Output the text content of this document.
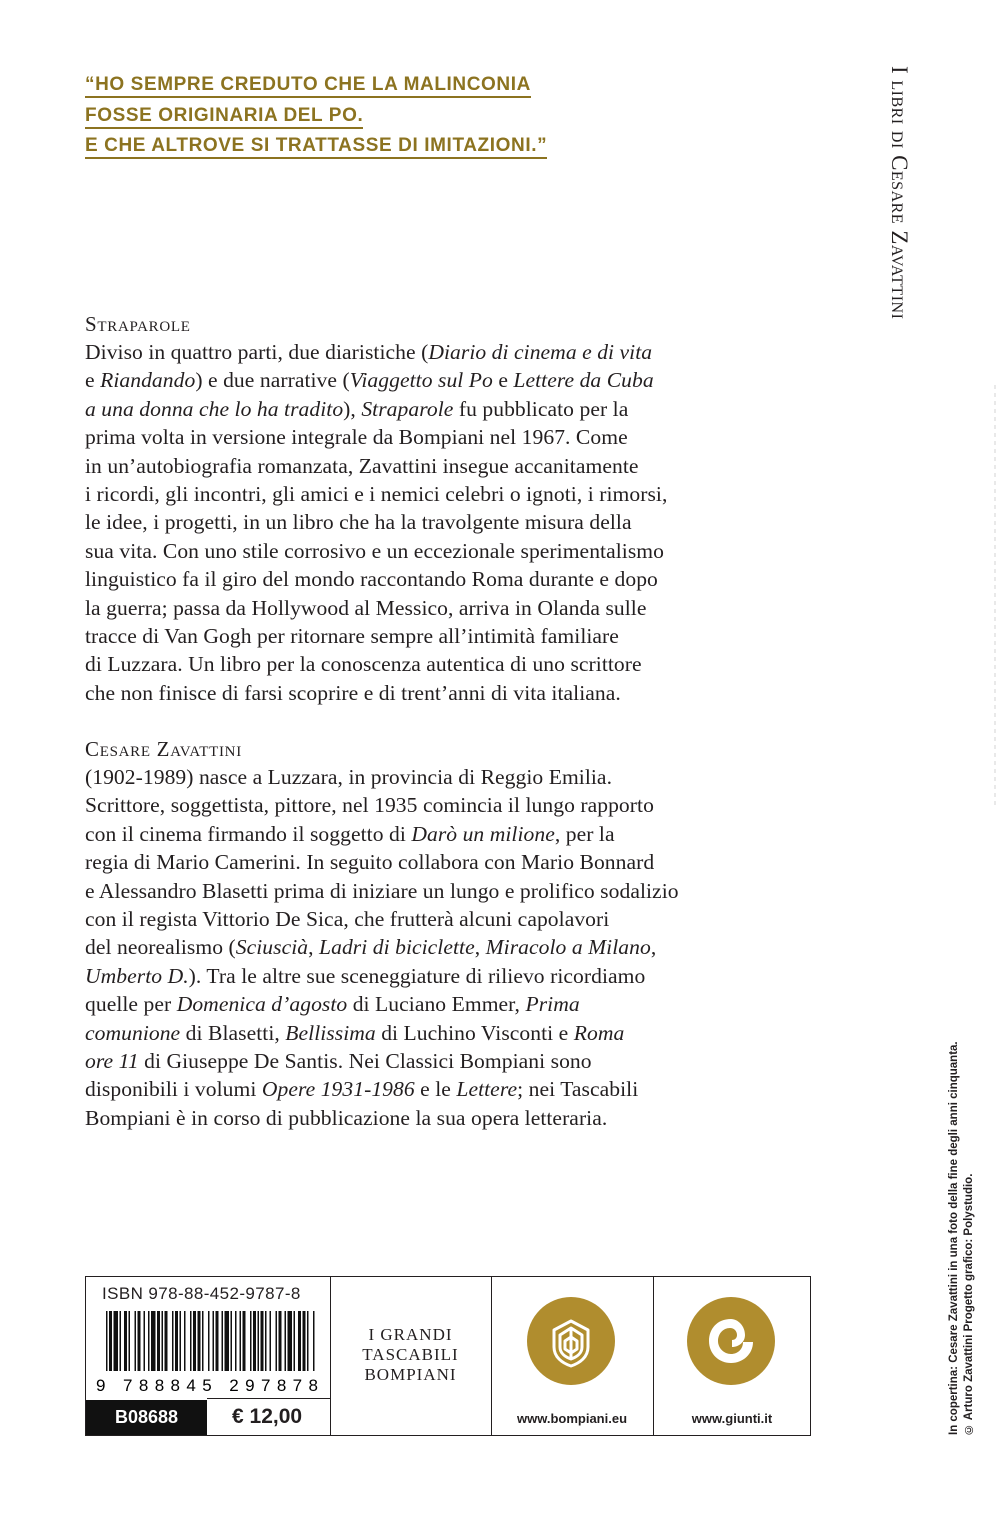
“HO SEMPRE CREDUTO CHE LA MALINCONIA
FOSSE ORIGINARIA DEL PO.
E CHE ALTROVE SI TRATTASSE DI IMITAZIONI.”	I libri di Cesare Zavattini
Straparole

Diviso in quattro parti, due diaristiche (Diario di cinema e di vita
e Riandando) e due narrative (Viaggetto sul Po e Lettere da Cuba
a una donna che lo ha tradito), Straparole fu pubblicato per la
prima volta in versione integrale da Bompiani nel 1967. Come
in un’autobiografia romanzata, Zavattini insegue accanitamente
i ricordi, gli incontri, gli amici e i nemici celebri o ignoti, i rimorsi,
le idee, i progetti, in un libro che ha la travolgente misura della
sua vita. Con uno stile corrosivo e un eccezionale sperimentalismo
linguistico fa il giro del mondo raccontando Roma durante e dopo
la guerra; passa da Hollywood al Messico, arriva in Olanda sulle
tracce di Van Gogh per ritornare sempre all’intimità familiare
di Luzzara. Un libro per la conoscenza autentica di uno scrittore
che non finisce di farsi scoprire e di trent’anni di vita italiana.

Cesare Zavattini

(1902-1989) nasce a Luzzara, in provincia di Reggio Emilia.
Scrittore, soggettista, pittore, nel 1935 comincia il lungo rapporto
con il cinema firmando il soggetto di Darò un milione, per la
regia di Mario Camerini. In seguito collabora con Mario Bonnard
e Alessandro Blasetti prima di iniziare un lungo e prolifico sodalizio
con il regista Vittorio De Sica, che frutterà alcuni capolavori
del neorealismo (Sciuscià, Ladri di biciclette, Miracolo a Milano,
Umberto D.). Tra le altre sue sceneggiature di rilievo ricordiamo
quelle per Domenica d’agosto di Luciano Emmer, Prima
comunione di Blasetti, Bellissima di Luchino Visconti e Roma
ore 11 di Giuseppe De Santis. Nei Classici Bompiani sono
disponibili i volumi Opere 1931-1986 e le Lettere; nei Tascabili
Bompiani è in corso di pubblicazione la sua opera letteraria.	In copertina: Cesare Zavattini in una foto della fine degli anni cinquanta. © Arturo Zavattini Progetto grafico: Polystudio.
ISBN 978-88-452-9787-8
9 788845 297878
B08688	€ 12,00
I GRANDI
TASCABILI
BOMPIANI
www.bompiani.eu	www.giunti.it
